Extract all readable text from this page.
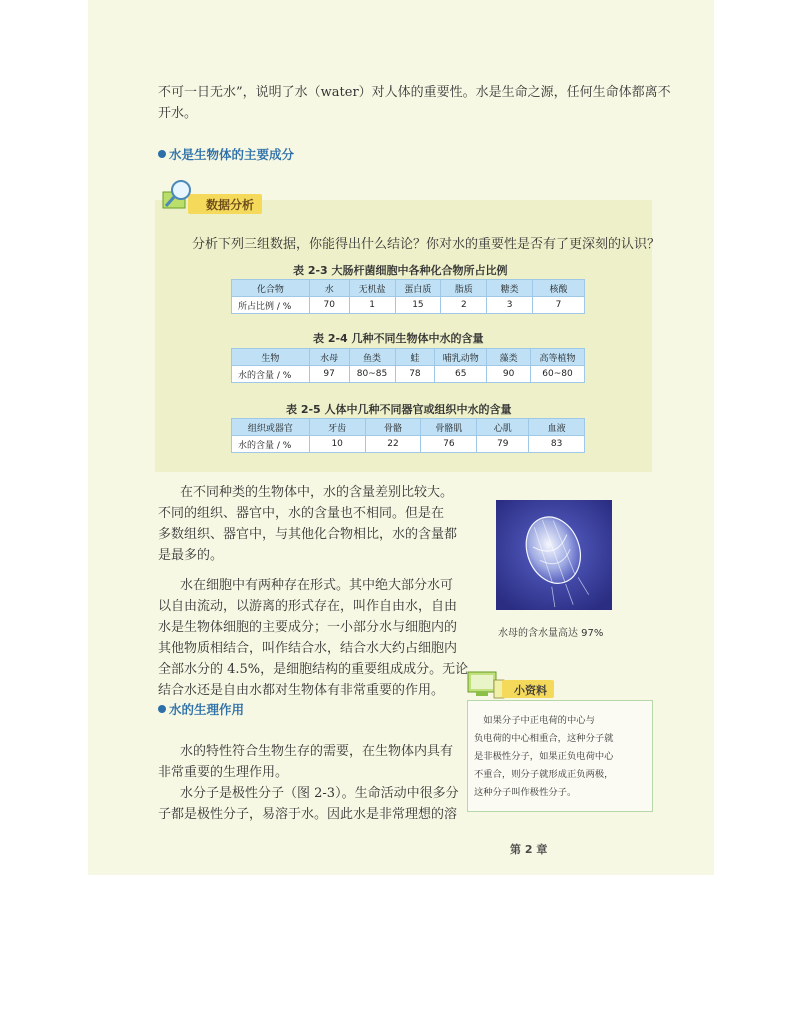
不可一日无水”，说明了水（water）对人体的重要性。水是生命之源，任何生命体都离不
开水。
水是生物体的主要成分
数据分析
分析下列三组数据，你能得出什么结论？你对水的重要性是否有了更深刻的认识？
表 2-3 大肠杆菌细胞中各种化合物所占比例
化合物	水	无机盐	蛋白质	脂质	糖类	核酸
所占比例 / %	70	1	15	2	3	7
表 2-4 几种不同生物体中水的含量
生物	水母	鱼类	蛙	哺乳动物	藻类	高等植物
水的含量 / %	97	80~85	78	65	90	60~80
表 2-5 人体中几种不同器官或组织中水的含量
组织或器官	牙齿	骨骼	骨骼肌	心肌	血液
水的含量 / %	10	22	76	79	83
在不同种类的生物体中，水的含量差别比较大。
不同的组织、器官中，水的含量也不相同。但是在
多数组织、器官中，与其他化合物相比，水的含量都
是最多的。
水在细胞中有两种存在形式。其中绝大部分水可
以自由流动，以游离的形式存在，叫作自由水，自由
水是生物体细胞的主要成分；一小部分水与细胞内的
其他物质相结合，叫作结合水，结合水大约占细胞内
全部水分的 4.5%，是细胞结构的重要组成成分。无论
结合水还是自由水都对生物体有非常重要的作用。
水母的含水量高达 97%
水的生理作用
水的特性符合生物生存的需要，在生物体内具有
非常重要的生理作用。
水分子是极性分子（图 2-3）。生命活动中很多分
子都是极性分子，易溶于水。因此水是非常理想的溶
小资料
　如果分子中正电荷的中心与
负电荷的中心相重合，这种分子就
是非极性分子，如果正负电荷中心
不重合，则分子就形成正负两极，
这种分子叫作极性分子。
第 2 章
